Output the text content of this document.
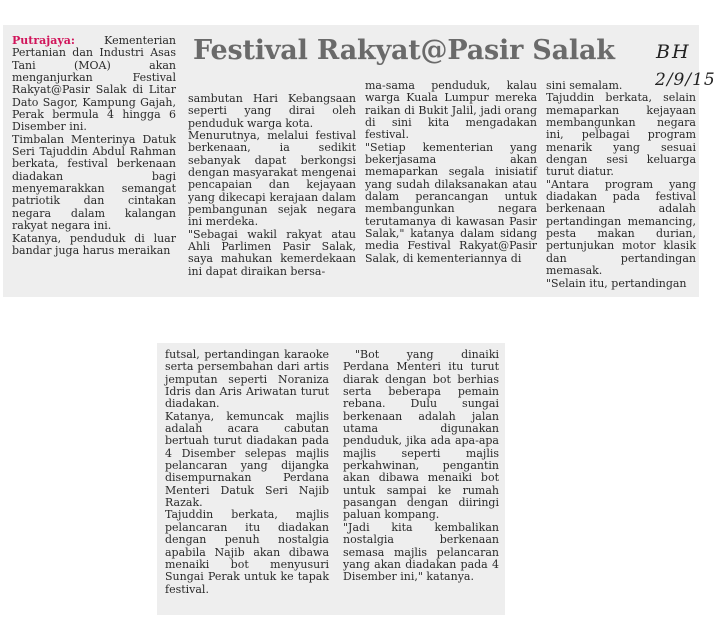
Festival Rakyat@Pasir Salak	BH
2/9/15

Putrajaya: Kementerian Pertanian dan Industri Asas Tani (MOA) akan menganjurkan Festival Rakyat@Pasir Salak di Litar Dato Sagor, Kampung Gajah, Perak bermula 4 hingga 6 Disember ini.

Timbalan Menterinya Datuk Seri Tajuddin Abdul Rahman berkata, festival berkenaan diadakan bagi menyemarakkan semangat patriotik dan cintakan negara dalam kalangan rakyat negara ini.

Katanya, penduduk di luar bandar juga harus meraikan

sambutan Hari Kebangsaan seperti yang dirai oleh penduduk warga kota.

Menurutnya, melalui festival berkenaan, ia sedikit sebanyak dapat berkongsi dengan masyarakat mengenai pencapaian dan kejayaan yang dikecapi kerajaan dalam pembangunan sejak negara ini merdeka.

"Sebagai wakil rakyat atau Ahli Parlimen Pasir Salak, saya mahukan kemerdekaan ini dapat diraikan bersa-

ma-sama penduduk, kalau warga Kuala Lumpur mereka raikan di Bukit Jalil, jadi orang di sini kita mengadakan festival.

"Setiap kementerian yang bekerjasama akan memaparkan segala inisiatif yang sudah dilaksanakan atau dalam perancangan untuk membangunkan negara terutamanya di kawasan Pasir Salak," katanya dalam sidang media Festival Rakyat@Pasir Salak, di kementeriannya di

sini semalam.

Tajuddin berkata, selain memaparkan kejayaan membangunkan negara ini, pelbagai program menarik yang sesuai dengan sesi keluarga turut diatur.

"Antara program yang diadakan pada festival berkenaan adalah pertandingan memancing, pesta makan durian, pertunjukan motor klasik dan pertandingan memasak.

"Selain itu, pertandingan

futsal, pertandingan karaoke serta persembahan dari artis jemputan seperti Noraniza Idris dan Aris Ariwatan turut diadakan.

Katanya, kemuncak majlis adalah acara cabutan bertuah turut diadakan pada 4 Disember selepas majlis pelancaran yang dijangka disempurnakan Perdana Menteri Datuk Seri Najib Razak.

Tajuddin berkata, majlis pelancaran itu diadakan dengan penuh nostalgia apabila Najib akan dibawa menaiki bot menyusuri Sungai Perak untuk ke tapak festival.

"Bot yang dinaiki Perdana Menteri itu turut diarak dengan bot berhias serta beberapa pemain rebana. Dulu sungai berkenaan adalah jalan utama digunakan penduduk, jika ada apa-apa majlis seperti majlis perkahwinan, pengantin akan dibawa menaiki bot untuk sampai ke rumah pasangan dengan diiringi paluan kompang.

"Jadi kita kembalikan nostalgia berkenaan semasa majlis pelancaran yang akan diadakan pada 4 Disember ini," katanya.
